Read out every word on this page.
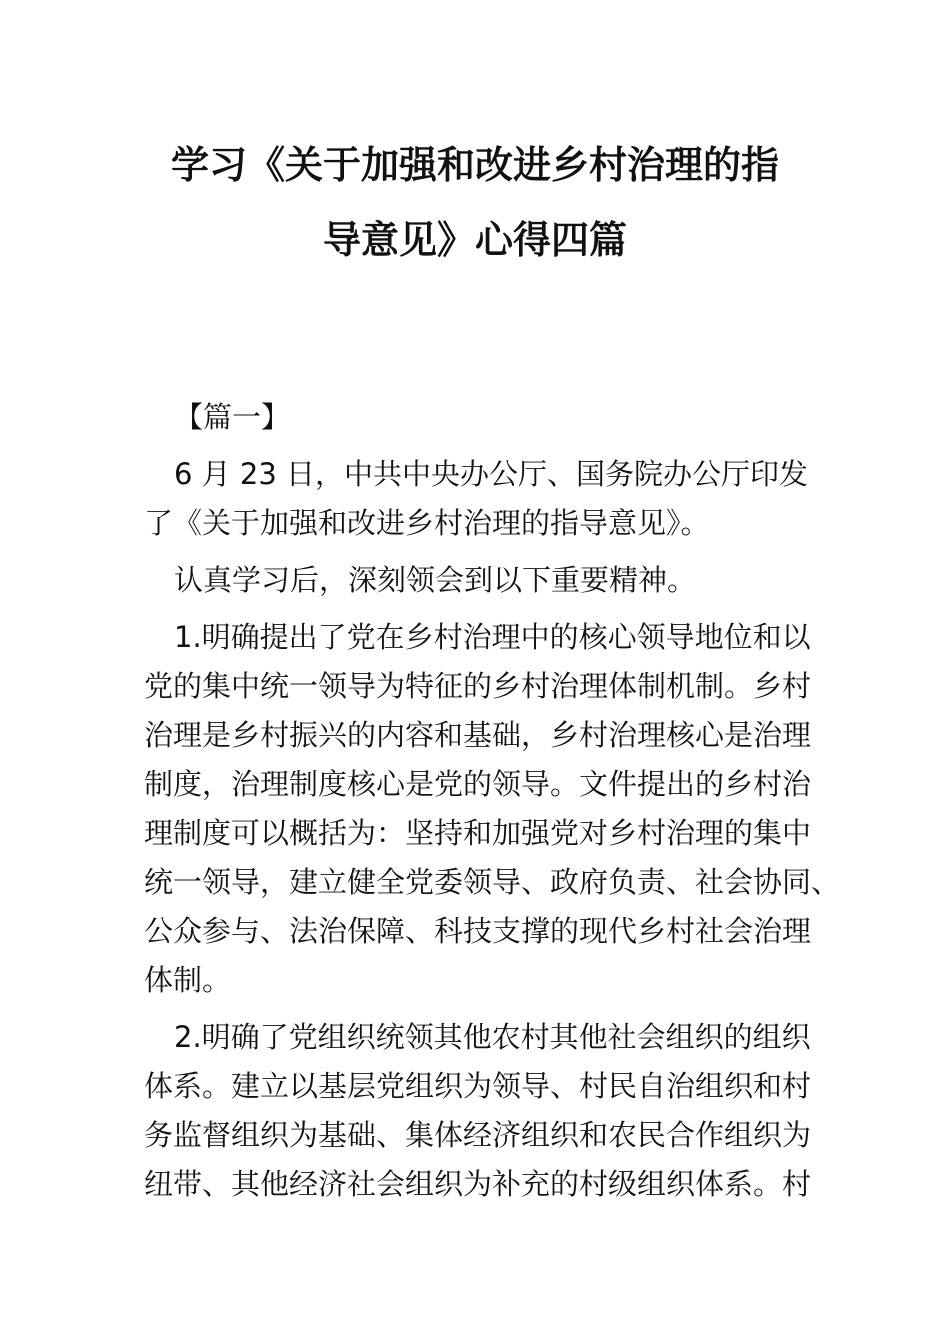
学习《关于加强和改进乡村治理的指
导意见》心得四篇
【篇一】
6 月 23 日，中共中央办公厅、国务院办公厅印发
了《关于加强和改进乡村治理的指导意见》。
认真学习后，深刻领会到以下重要精神。
1.明确提出了党在乡村治理中的核心领导地位和以
党的集中统一领导为特征的乡村治理体制机制。乡村
治理是乡村振兴的内容和基础，乡村治理核心是治理
制度，治理制度核心是党的领导。文件提出的乡村治
理制度可以概括为：坚持和加强党对乡村治理的集中
统一领导，建立健全党委领导、政府负责、社会协同、
公众参与、法治保障、科技支撑的现代乡村社会治理
体制。
2.明确了党组织统领其他农村其他社会组织的组织
体系。建立以基层党组织为领导、村民自治组织和村
务监督组织为基础、集体经济组织和农民合作组织为
纽带、其他经济社会组织为补充的村级组织体系。村
